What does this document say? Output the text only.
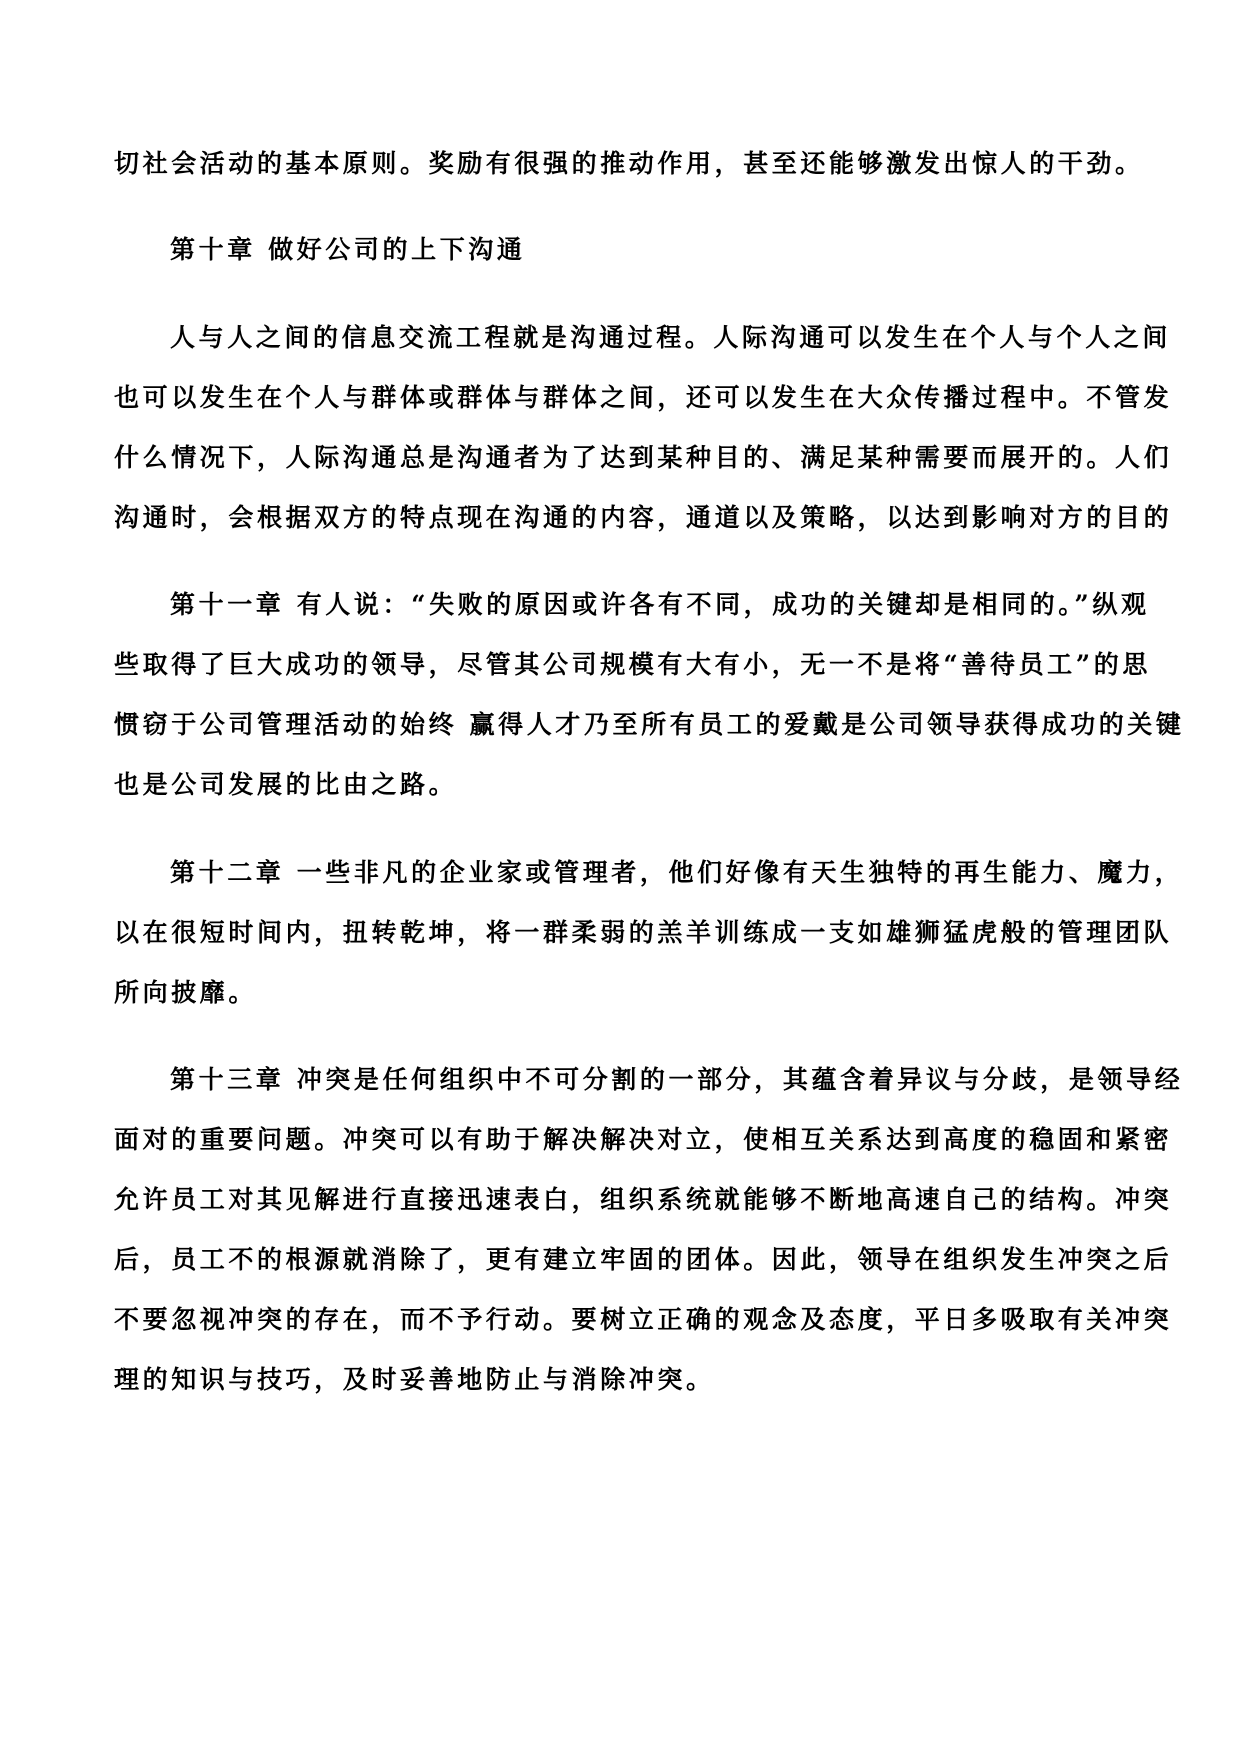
切社会活动的基本原则。奖励有很强的推动作用，甚至还能够激发出惊人的干劲。
第十章 做好公司的上下沟通
人与人之间的信息交流工程就是沟通过程。人际沟通可以发生在个人与个人之间
也可以发生在个人与群体或群体与群体之间，还可以发生在大众传播过程中。不管发
什么情况下，人际沟通总是沟通者为了达到某种目的、满足某种需要而展开的。人们
沟通时，会根据双方的特点现在沟通的内容，通道以及策略，以达到影响对方的目的
第十一章 有人说：“失败的原因或许各有不同，成功的关键却是相同的。”纵观
些取得了巨大成功的领导，尽管其公司规模有大有小，无一不是将“善待员工”的思
惯窃于公司管理活动的始终 赢得人才乃至所有员工的爱戴是公司领导获得成功的关键
也是公司发展的比由之路。
第十二章 一些非凡的企业家或管理者，他们好像有天生独特的再生能力、魔力，
以在很短时间内，扭转乾坤，将一群柔弱的羔羊训练成一支如雄狮猛虎般的管理团队
所向披靡。
第十三章 冲突是任何组织中不可分割的一部分，其蕴含着异议与分歧，是领导经
面对的重要问题。冲突可以有助于解决解决对立，使相互关系达到高度的稳固和紧密
允许员工对其见解进行直接迅速表白，组织系统就能够不断地高速自己的结构。冲突
后，员工不的根源就消除了，更有建立牢固的团体。因此，领导在组织发生冲突之后
不要忽视冲突的存在，而不予行动。要树立正确的观念及态度，平日多吸取有关冲突
理的知识与技巧，及时妥善地防止与消除冲突。
